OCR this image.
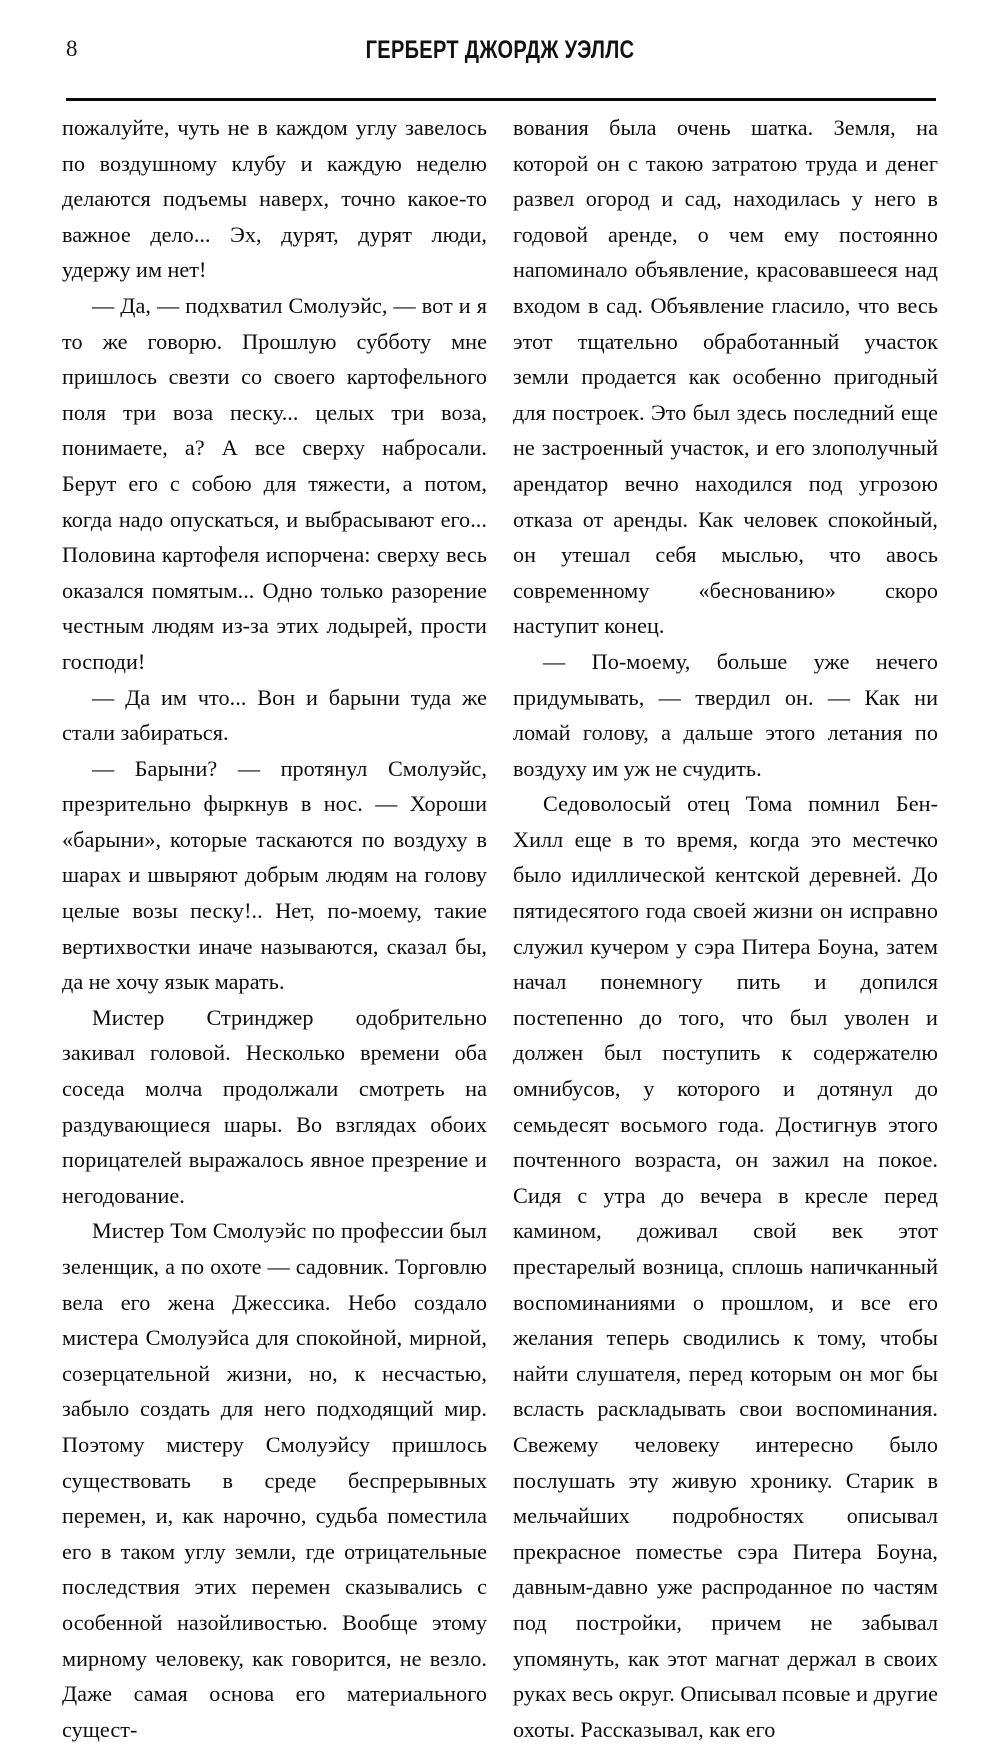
8	ГЕРБЕРТ ДЖОРДЖ УЭЛЛС

пожалуйте, чуть не в каждом углу завелось по воздушному клубу и каждую неделю делаются подъемы наверх, точно какое-то важное дело... Эх, дурят, дурят люди, удержу им нет!

— Да, — подхватил Смолуэйс, — вот и я то же говорю. Прошлую субботу мне пришлось свезти со своего картофельного поля три воза песку... целых три воза, понимаете, а? А все сверху набросали. Берут его с собою для тяжести, а потом, когда надо опускаться, и выбрасывают его... Половина картофеля испорчена: сверху весь оказался помятым... Одно только разорение честным людям из-за этих лодырей, прости господи!

— Да им что... Вон и барыни туда же стали забираться.

— Барыни? — протянул Смолуэйс, презрительно фыркнув в нос. — Хороши «барыни», которые таскаются по воздуху в шарах и швыряют добрым людям на голову целые возы песку!.. Нет, по-моему, такие вертихвостки иначе называются, сказал бы, да не хочу язык марать.

Мистер Стринджер одобрительно закивал головой. Несколько времени оба соседа молча продолжали смотреть на раздувающиеся шары. Во взглядах обоих порицателей выражалось явное презрение и негодование.

Мистер Том Смолуэйс по профессии был зеленщик, а по охоте — садовник. Торговлю вела его жена Джессика. Небо создало мистера Смолуэйса для спокойной, мирной, созерцательной жизни, но, к несчастью, забыло создать для него подходящий мир. Поэтому мистеру Смолуэйсу пришлось существовать в среде беспрерывных перемен, и, как нарочно, судьба поместила его в таком углу земли, где отрицательные последствия этих перемен сказывались с особенной назойливостью. Вообще этому мирному человеку, как говорится, не везло. Даже самая основа его материального сущест-

вования была очень шатка. Земля, на которой он с такою затратою труда и денег развел огород и сад, находилась у него в годовой аренде, о чем ему постоянно напоминало объявление, красовавшееся над входом в сад. Объявление гласило, что весь этот тщательно обработанный участок земли продается как особенно пригодный для построек. Это был здесь последний еще не застроенный участок, и его злополучный арендатор вечно находился под угрозою отказа от аренды. Как человек спокойный, он утешал себя мыслью, что авось современному «беснованию» скоро наступит конец.

— По-моему, больше уже нечего придумывать, — твердил он. — Как ни ломай голову, а дальше этого летания по воздуху им уж не счудить.

Седоволосый отец Тома помнил Бен-Хилл еще в то время, когда это местечко было идиллической кентской деревней. До пятидесятого года своей жизни он исправно служил кучером у сэра Питера Боуна, затем начал понемногу пить и допился постепенно до того, что был уволен и должен был поступить к содержателю омнибусов, у которого и дотянул до семьдесят восьмого года. Достигнув этого почтенного возраста, он зажил на покое. Сидя с утра до вечера в кресле перед камином, доживал свой век этот престарелый возница, сплошь напичканный воспоминаниями о прошлом, и все его желания теперь сводились к тому, чтобы найти слушателя, перед которым он мог бы всласть раскладывать свои воспоминания. Свежему человеку интересно было послушать эту живую хронику. Старик в мельчайших подробностях описывал прекрасное поместье сэра Питера Боуна, давным-давно уже распроданное по частям под постройки, причем не забывал упомянуть, как этот магнат держал в своих руках весь округ. Описывал псовые и другие охоты. Рассказывал, как его
